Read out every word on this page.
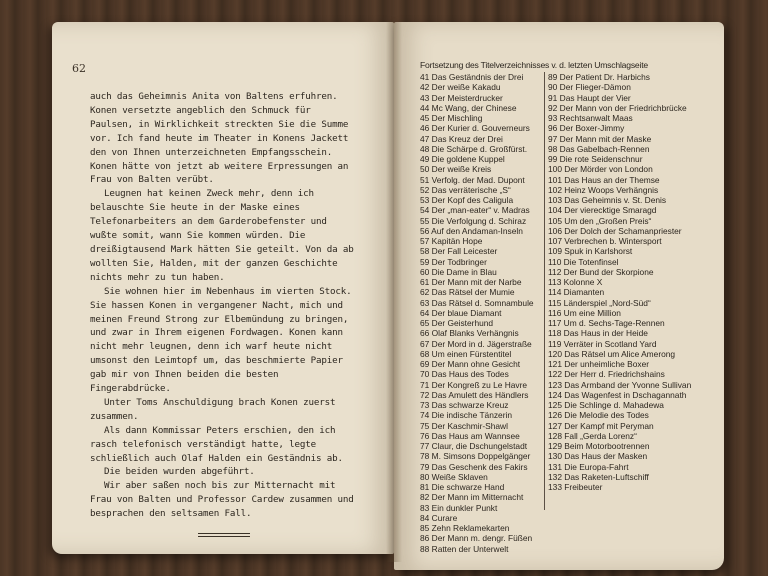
62

auch das Geheimnis Anita von Baltens erfuhren. Konen versetzte angeblich den Schmuck für Paulsen, in Wirklichkeit streckten Sie die Summe vor. Ich fand heute im Theater in Konens Jackett den von Ihnen unterzeichneten Empfangsschein. Konen hätte von jetzt ab weitere Erpressungen an Frau von Balten verübt.

Leugnen hat keinen Zweck mehr, denn ich belauschte Sie heute in der Maske eines Telefonarbeiters an dem Garderobefenster und wußte somit, wann Sie kommen würden. Die dreißigtausend Mark hätten Sie geteilt. Von da ab wollten Sie, Halden, mit der ganzen Geschichte nichts mehr zu tun haben.

Sie wohnen hier im Nebenhaus im vierten Stock. Sie hassen Konen in vergangener Nacht, mich und meinen Freund Strong zur Elbemündung zu bringen, und zwar in Ihrem eigenen Fordwagen. Konen kann nicht mehr leugnen, denn ich warf heute nicht umsonst den Leimtopf um, das beschmierte Papier gab mir von Ihnen beiden die besten Fingerabdrücke.

Unter Toms Anschuldigung brach Konen zuerst zusammen.

Als dann Kommissar Peters erschien, den ich rasch telefonisch verständigt hatte, legte schließlich auch Olaf Halden ein Geständnis ab.

Die beiden wurden abgeführt.

Wir aber saßen noch bis zur Mitternacht mit Frau von Balten und Professor Cardew zusammen und besprachen den seltsamen Fall.

Fortsetzung des Titelverzeichnisses v. d. letzten Umschlagseite
41 Das Geständnis der Drei
42 Der weiße Kakadu
43 Der Meisterdrucker
44 Mc Wang, der Chinese
45 Der Mischling
46 Der Kurier d. Gouverneurs
47 Das Kreuz der Drei
48 Die Schärpe d. Großfürst.
49 Die goldene Kuppel
50 Der weiße Kreis
51 Verfolg. der Mad. Dupont
52 Das verräterische „S“
53 Der Kopf des Caligula
54 Der „man-eater“ v. Madras
55 Die Verfolgung d. Schiraz
56 Auf den Andaman-Inseln
57 Kapitän Hope
58 Der Fall Leicester
59 Der Todbringer
60 Die Dame in Blau
61 Der Mann mit der Narbe
62 Das Rätsel der Mumie
63 Das Rätsel d. Somnambule
64 Der blaue Diamant
65 Der Geisterhund
66 Olaf Blanks Verhängnis
67 Der Mord in d. Jägerstraße
68 Um einen Fürstentitel
69 Der Mann ohne Gesicht
70 Das Haus des Todes
71 Der Kongreß zu Le Havre
72 Das Amulett des Händlers
73 Das schwarze Kreuz
74 Die indische Tänzerin
75 Der Kaschmir-Shawl
76 Das Haus am Wannsee
77 Claur, die Dschungelstadt
78 M. Simsons Doppelgänger
79 Das Geschenk des Fakirs
80 Weiße Sklaven
81 Die schwarze Hand
82 Der Mann im Mitternacht
83 Ein dunkler Punkt
84 Curare
85 Zehn Reklamekarten
86 Der Mann m. dengr. Füßen
88 Ratten der Unterwelt
89 Der Patient Dr. Harbichs
90 Der Flieger-Dämon
91 Das Haupt der Vier
92 Der Mann von der Friedrichbrücke
93 Rechtsanwalt Maas
96 Der Boxer-Jimmy
97 Der Mann mit der Maske
98 Das Gabelbach-Rennen
99 Die rote Seidenschnur
100 Der Mörder von London
101 Das Haus an der Themse
102 Heinz Woops Verhängnis
103 Das Geheimnis v. St. Denis
104 Der vierecktige Smaragd
105 Um den „Großen Preis“
106 Der Dolch der Schamanpriester
107 Verbrechen b. Wintersport
109 Spuk in Karlshorst
110 Die Totenfinsel
112 Der Bund der Skorpione
113 Kolonne X
114 Diamanten
115 Länderspiel „Nord-Süd“
116 Um eine Million
117 Um d. Sechs-Tage-Rennen
118 Das Haus in der Heide
119 Verräter in Scotland Yard
120 Das Rätsel um Alice Amerong
121 Der unheimliche Boxer
122 Der Herr d. Friedrichshains
123 Das Armband der Yvonne Sullivan
124 Das Wagenfest in Dschagannath
125 Die Schlinge d. Mahadewa
126 Die Melodie des Todes
127 Der Kampf mit Peryman
128 Fall „Gerda Lorenz“
129 Beim Motorbootrennen
130 Das Haus der Masken
131 Die Europa-Fahrt
132 Das Raketen-Luftschiff
133 Freibeuter
